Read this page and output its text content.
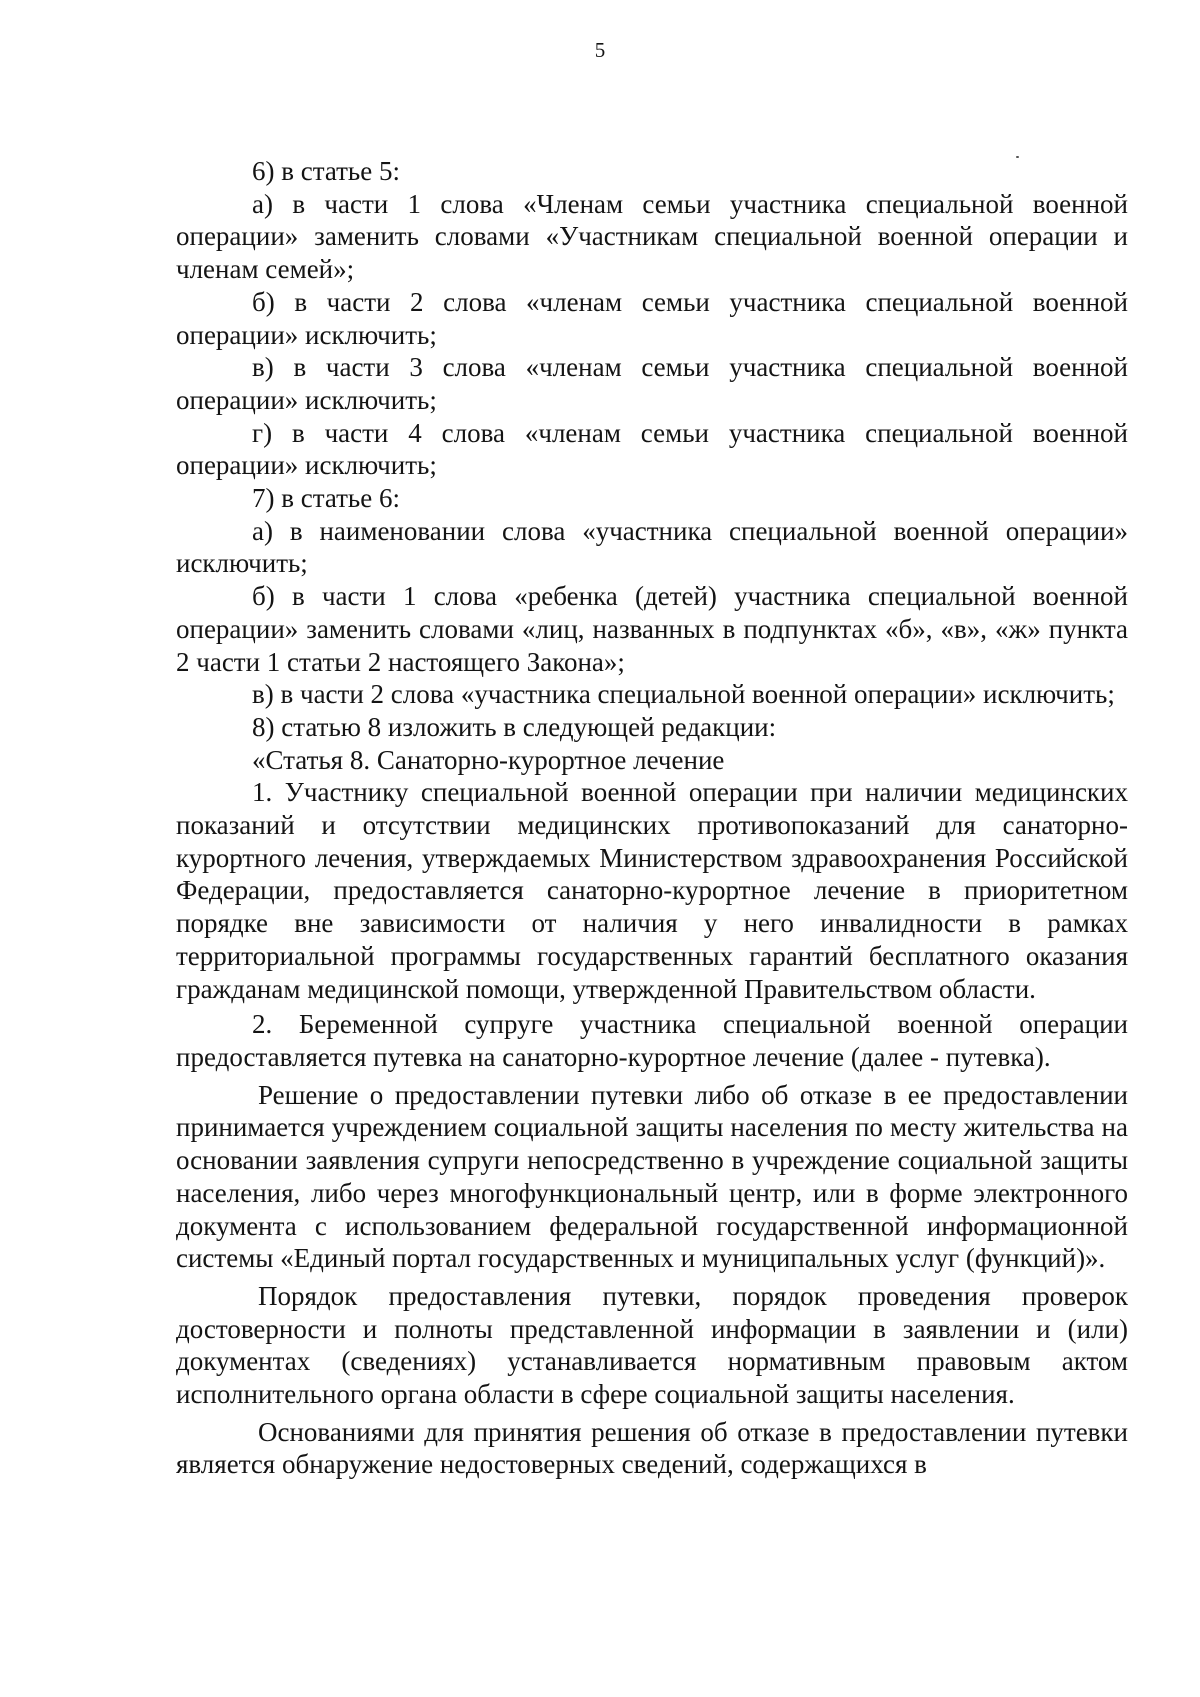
5

6) в статье 5:

а) в части 1 слова «Членам семьи участника специальной военной операции» заменить словами «Участникам специальной военной операции и членам семей»;

б) в части 2 слова «членам семьи участника специальной военной операции» исключить;

в) в части 3 слова «членам семьи участника специальной военной операции» исключить;

г) в части 4 слова «членам семьи участника специальной военной операции» исключить;

7) в статье 6:

а) в наименовании слова «участника специальной военной операции» исключить;

б) в части 1 слова «ребенка (детей) участника специальной военной операции» заменить словами «лиц, названных в подпунктах «б», «в», «ж» пункта 2 части 1 статьи 2 настоящего Закона»;

в) в части 2 слова «участника специальной военной операции» исключить;

8) статью 8 изложить в следующей редакции:

«Статья 8. Санаторно-курортное лечение

1. Участнику специальной военной операции при наличии медицинских показаний и отсутствии медицинских противопоказаний для санаторно-курортного лечения, утверждаемых Министерством здравоохранения Российской Федерации, предоставляется санаторно-курортное лечение в приоритетном порядке вне зависимости от наличия у него инвалидности в рамках территориальной программы государственных гарантий бесплатного оказания гражданам медицинской помощи, утвержденной Правительством области.

2. Беременной супруге участника специальной военной операции предоставляется путевка на санаторно-курортное лечение (далее - путевка).

Решение о предоставлении путевки либо об отказе в ее предоставлении принимается учреждением социальной защиты населения по месту жительства на основании заявления супруги непосредственно в учреждение социальной защиты населения, либо через многофункциональный центр, или в форме электронного документа с использованием федеральной государственной информационной системы «Единый портал государственных и муниципальных услуг (функций)».

Порядок предоставления путевки, порядок проведения проверок достоверности и полноты представленной информации в заявлении и (или) документах (сведениях) устанавливается нормативным правовым актом исполнительного органа области в сфере социальной защиты населения.

Основаниями для принятия решения об отказе в предоставлении путевки является обнаружение недостоверных сведений, содержащихся в
